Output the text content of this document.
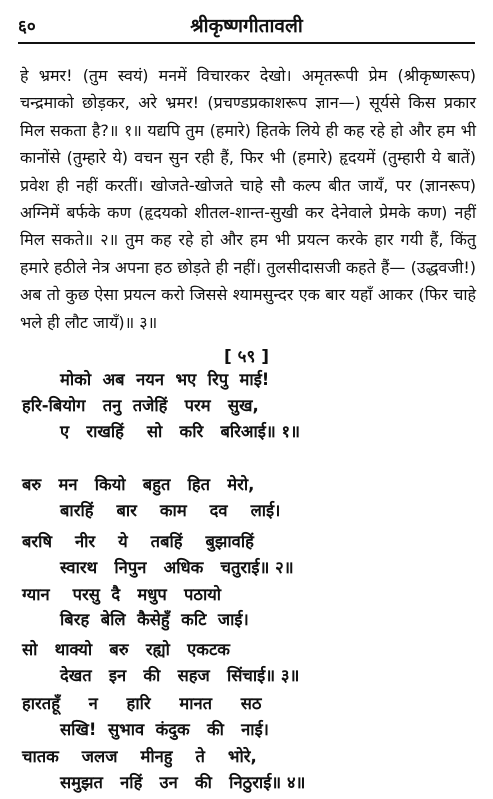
६०	श्रीकृष्णगीतावली

हे भ्रमर! (तुम स्वयं) मनमें विचारकर देखो। अमृतरूपी प्रेम (श्रीकृष्णरूप) चन्द्रमाको छोड़कर, अरे भ्रमर! (प्रचण्डप्रकाशरूप ज्ञान—) सूर्यसे किस प्रकार मिल सकता है?॥ १॥ यद्यपि तुम (हमारे) हितके लिये ही कह रहे हो और हम भी कानोंसे (तुम्हारे ये) वचन सुन रही हैं, फिर भी (हमारे) हृदयमें (तुम्हारी ये बातें) प्रवेश ही नहीं करतीं। खोजते-खोजते चाहे सौ कल्प बीत जायँ, पर (ज्ञानरूप) अग्निमें बर्फके कण (हृदयको शीतल-शान्त-सुखी कर देनेवाले प्रेमके कण) नहीं मिल सकते॥ २॥ तुम कह रहे हो और हम भी प्रयत्न करके हार गयी हैं, किंतु हमारे हठीले नेत्र अपना हठ छोड़ते ही नहीं। तुलसीदासजी कहते हैं— (उद्धवजी!) अब तो कुछ ऐसा प्रयत्न करो जिससे श्यामसुन्दर एक बार यहाँ आकर (फिर चाहे भले ही लौट जायँ)॥ ३॥

[ ५९ ]
मोको  अब  नयन  भए  रिपु  माई!
हरि-बियोग   तनु  तजेहिं   परम   सुख,
ए   राखहिं    सो   करि   बरिआई॥ १॥
बरु   मन   कियो   बहुत   हित   मेरो,
बारहिं    बार    काम    दव    लाई।
बरषि    नीर    ये    तबहिं    बुझावहिं
स्वारथ   निपुन   अधिक   चतुराई॥ २॥
ग्यान    परसु  दै   मधुप   पठायो
बिरह  बेलि  कैसेहुँ  कटि  जाई।
सो   थाक्यो   बरु   रह्यो   एकटक
देखत   इन   की   सहज   सिंचाई॥ ३॥
हारतहूँ     न     हारि     मानत     सठ
सखि!  सुभाव  कंदुक   की   नाई।
चातक    जलज    मीनहु    ते    भोरे,
समुझत   नहिं   उन   की   निठुराई॥ ४॥
